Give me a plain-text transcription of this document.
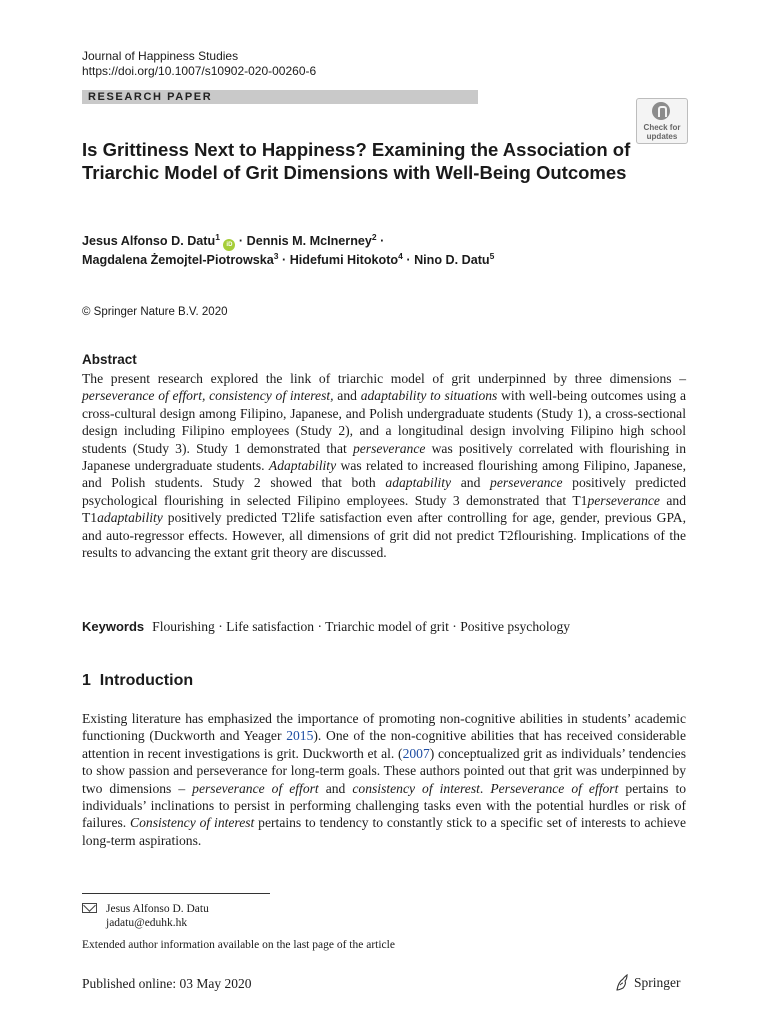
Journal of Happiness Studies
https://doi.org/10.1007/s10902-020-00260-6
RESEARCH PAPER
Check for
updates
Is Grittiness Next to Happiness? Examining the Association of Triarchic Model of Grit Dimensions with Well-Being Outcomes
Jesus Alfonso D. Datu$^1$ iD · Dennis M. McInerney$^2$ ·
Magdalena Żemojtel-Piotrowska$^3$ · Hidefumi Hitokoto$^4$ · Nino D. Datu$^5$
© Springer Nature B.V. 2020
Abstract
The present research explored the link of triarchic model of grit underpinned by three dimensions – perseverance of effort, consistency of interest, and adaptability to situations with well-being outcomes using a cross-cultural design among Filipino, Japanese, and Polish undergraduate students (Study 1), a cross-sectional design including Filipino employees (Study 2), and a longitudinal design involving Filipino high school students (Study 3). Study 1 demonstrated that perseverance was positively correlated with flourishing in Japanese undergraduate students. Adaptability was related to increased flourishing among Filipino, Japanese, and Polish students. Study 2 showed that both adaptability and perseverance positively predicted psychological flourishing in selected Filipino employees. Study 3 demonstrated that T1perseverance and T1adaptability positively predicted T2life satisfaction even after controlling for age, gender, previous GPA, and auto-regressor effects. However, all dimensions of grit did not predict T2flourishing. Implications of the results to advancing the extant grit theory are discussed.
Keywords Flourishing · Life satisfaction · Triarchic model of grit · Positive psychology
1 Introduction
Existing literature has emphasized the importance of promoting non-cognitive abilities in students’ academic functioning (Duckworth and Yeager 2015). One of the non-cognitive abilities that has received considerable attention in recent investigations is grit. Duckworth et al. (2007) conceptualized grit as individuals’ tendencies to show passion and perseverance for long-term goals. These authors pointed out that grit was underpinned by two dimensions – perseverance of effort and consistency of interest. Perseverance of effort pertains to individuals’ inclinations to persist in performing challenging tasks even with the potential hurdles or risk of failures. Consistency of interest pertains to tendency to constantly stick to a specific set of interests to achieve long-term aspirations.
Jesus Alfonso D. Datu
jadatu@eduhk.hk
Extended author information available on the last page of the article
Published online: 03 May 2020	Springer
